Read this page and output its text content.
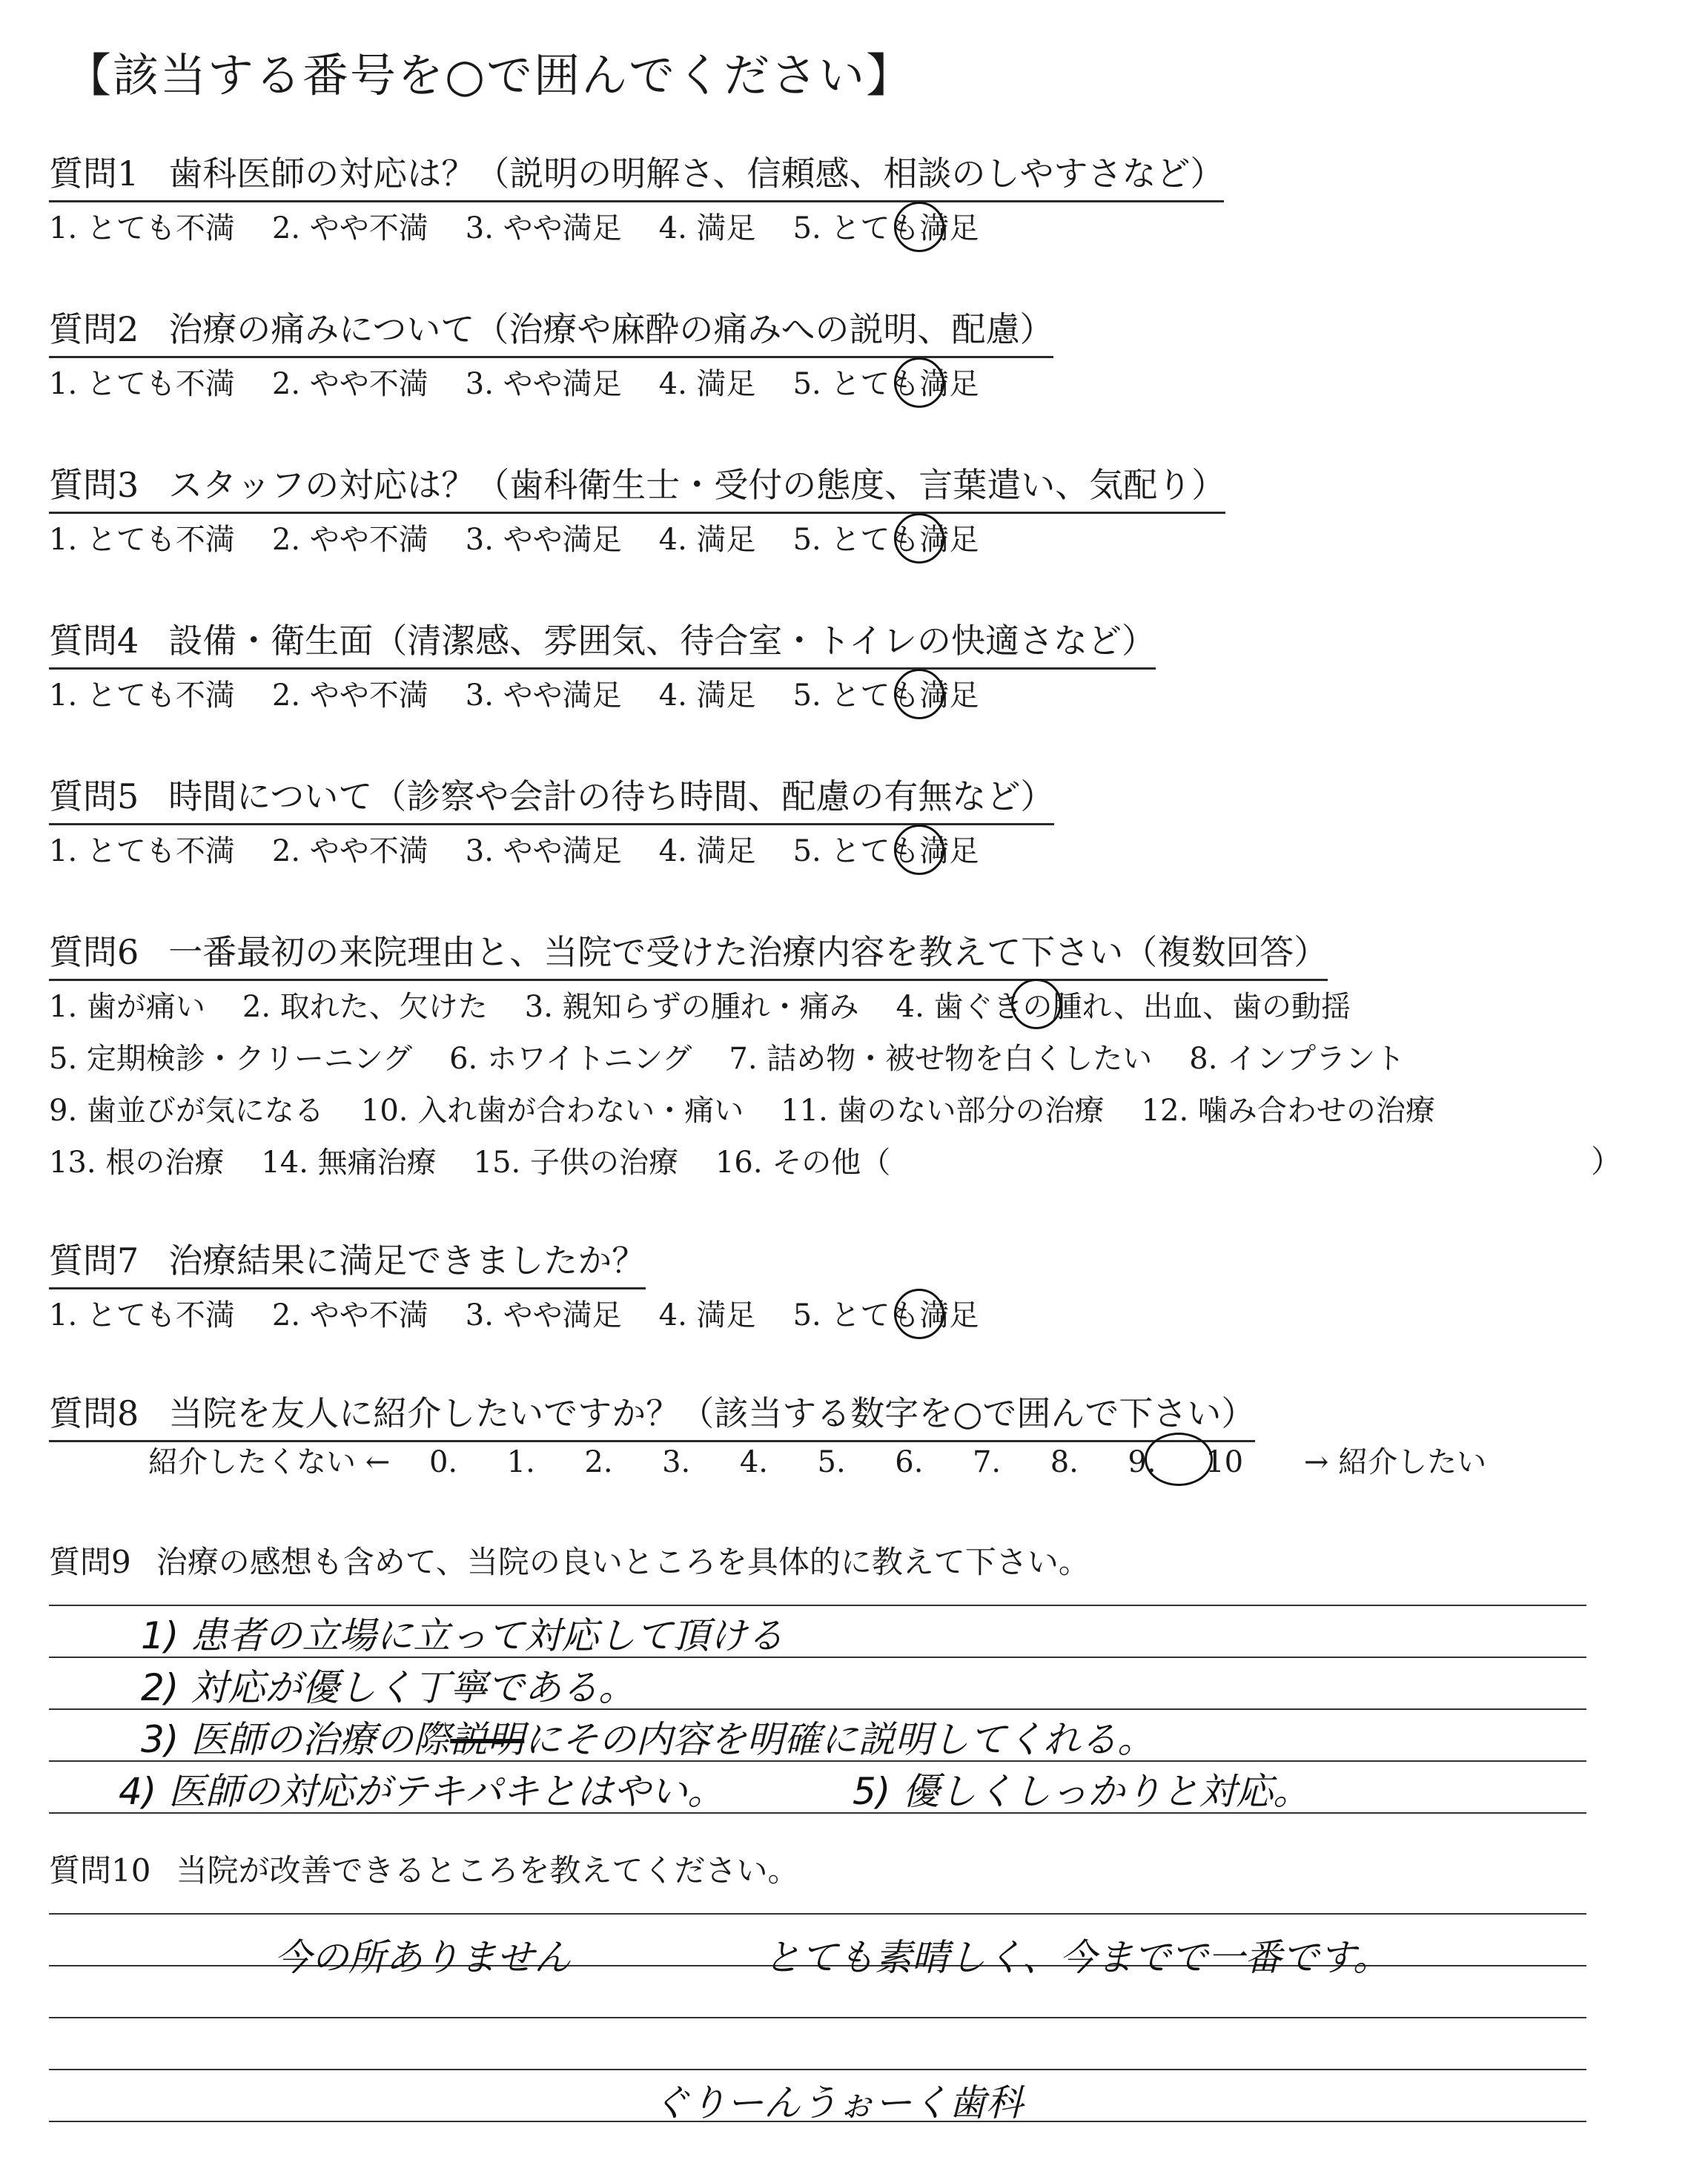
【該当する番号を○で囲んでください】
質問1 歯科医師の対応は？（説明の明解さ、信頼感、相談のしやすさなど）
1. とても不満 2. やや不満 3. やや満足 4. 満足 5. とても満足
質問2 治療の痛みについて（治療や麻酔の痛みへの説明、配慮）
1. とても不満 2. やや不満 3. やや満足 4. 満足 5. とても満足
質問3 スタッフの対応は？（歯科衛生士・受付の態度、言葉遣い、気配り）
1. とても不満 2. やや不満 3. やや満足 4. 満足 5. とても満足
質問4 設備・衛生面（清潔感、雰囲気、待合室・トイレの快適さなど）
1. とても不満 2. やや不満 3. やや満足 4. 満足 5. とても満足
質問5 時間について（診察や会計の待ち時間、配慮の有無など）
1. とても不満 2. やや不満 3. やや満足 4. 満足 5. とても満足
質問6 一番最初の来院理由と、当院で受けた治療内容を教えて下さい（複数回答）
1. 歯が痛い 2. 取れた、欠けた 3. 親知らずの腫れ・痛み 4. 歯ぐきの腫れ、出血、歯の動揺
5. 定期検診・クリーニング 6. ホワイトニング 7. 詰め物・被せ物を白くしたい 8. インプラント
9. 歯並びが気になる 10. 入れ歯が合わない・痛い 11. 歯のない部分の治療 12. 噛み合わせの治療
13. 根の治療 14. 無痛治療 15. 子供の治療 16. その他（	）
質問7 治療結果に満足できましたか？
1. とても不満 2. やや不満 3. やや満足 4. 満足 5. とても満足
質問8 当院を友人に紹介したいですか？（該当する数字を○で囲んで下さい）
紹介したくない ← 0. 1. 2. 3. 4. 5. 6. 7. 8. 9. 10 → 紹介したい
質問9 治療の感想も含めて、当院の良いところを具体的に教えて下さい。
1) 患者の立場に立って対応して頂ける
2) 対応が優しく丁寧である。
3) 医師の治療の際説明にその内容を明確に説明してくれる。
4) 医師の対応がテキパキとはやい。	5) 優しくしっかりと対応。
質問10 当院が改善できるところを教えてください。
今の所ありません	とても素晴しく、今までで一番です。
ぐりーんうぉーく歯科
